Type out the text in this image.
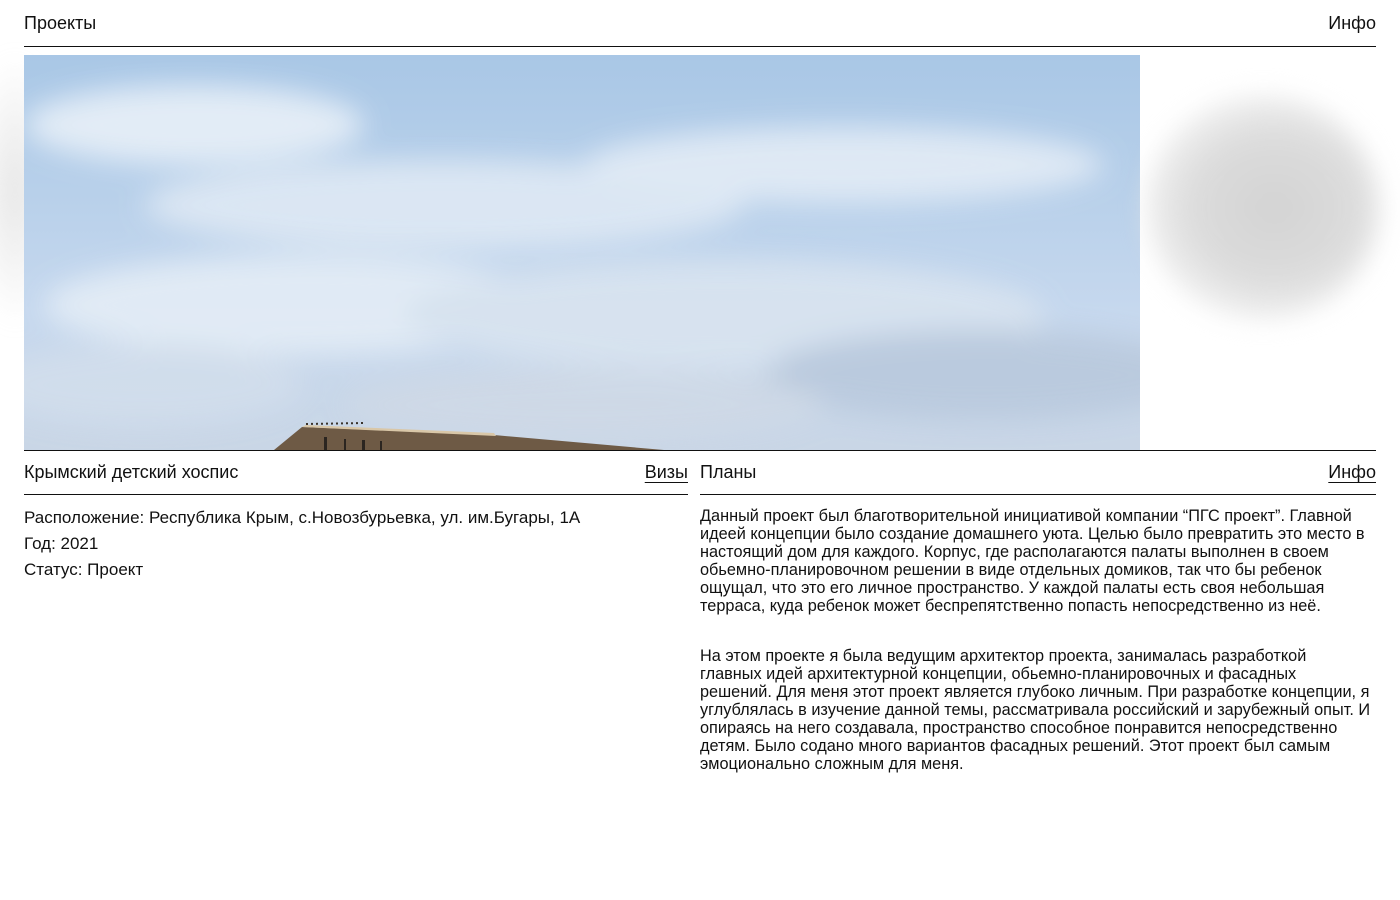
Проекты	Инфо
Крымский детский хоспис	Визы Планы	Инфо
Расположение: Республика Крым, с.Новозбурьевка, ул. им.Бугары, 1А
Год: 2021
Статус: Проект

Данный проект был благотворительной инициативой компании “ПГС проект”. Главной идеей концепции было создание домашнего уюта. Целью было превратить это место в настоящий дом для каждого. Корпус, где располагаются палаты выполнен в своем обьемно-планировочном решении в виде отдельных домиков, так что бы ребенок ощущал, что это его личное пространство. У каждой палаты есть своя небольшая терраса, куда ребенок может беспрепятственно попасть непосредственно из неё.

На этом проекте я была ведущим архитектор проекта, занималась разработкой главных идей архитектурной концепции, обьемно-планировочных и фасадных решений. Для меня этот проект является глубоко личным. При разработке концепции, я углублялась в изучение данной темы, рассматривала российский и зарубежный опыт. И опираясь на него создавала, пространство способное понравится непосредственно детям. Было содано много вариантов фасадных решений. Этот проект был самым эмоционально сложным для меня.
